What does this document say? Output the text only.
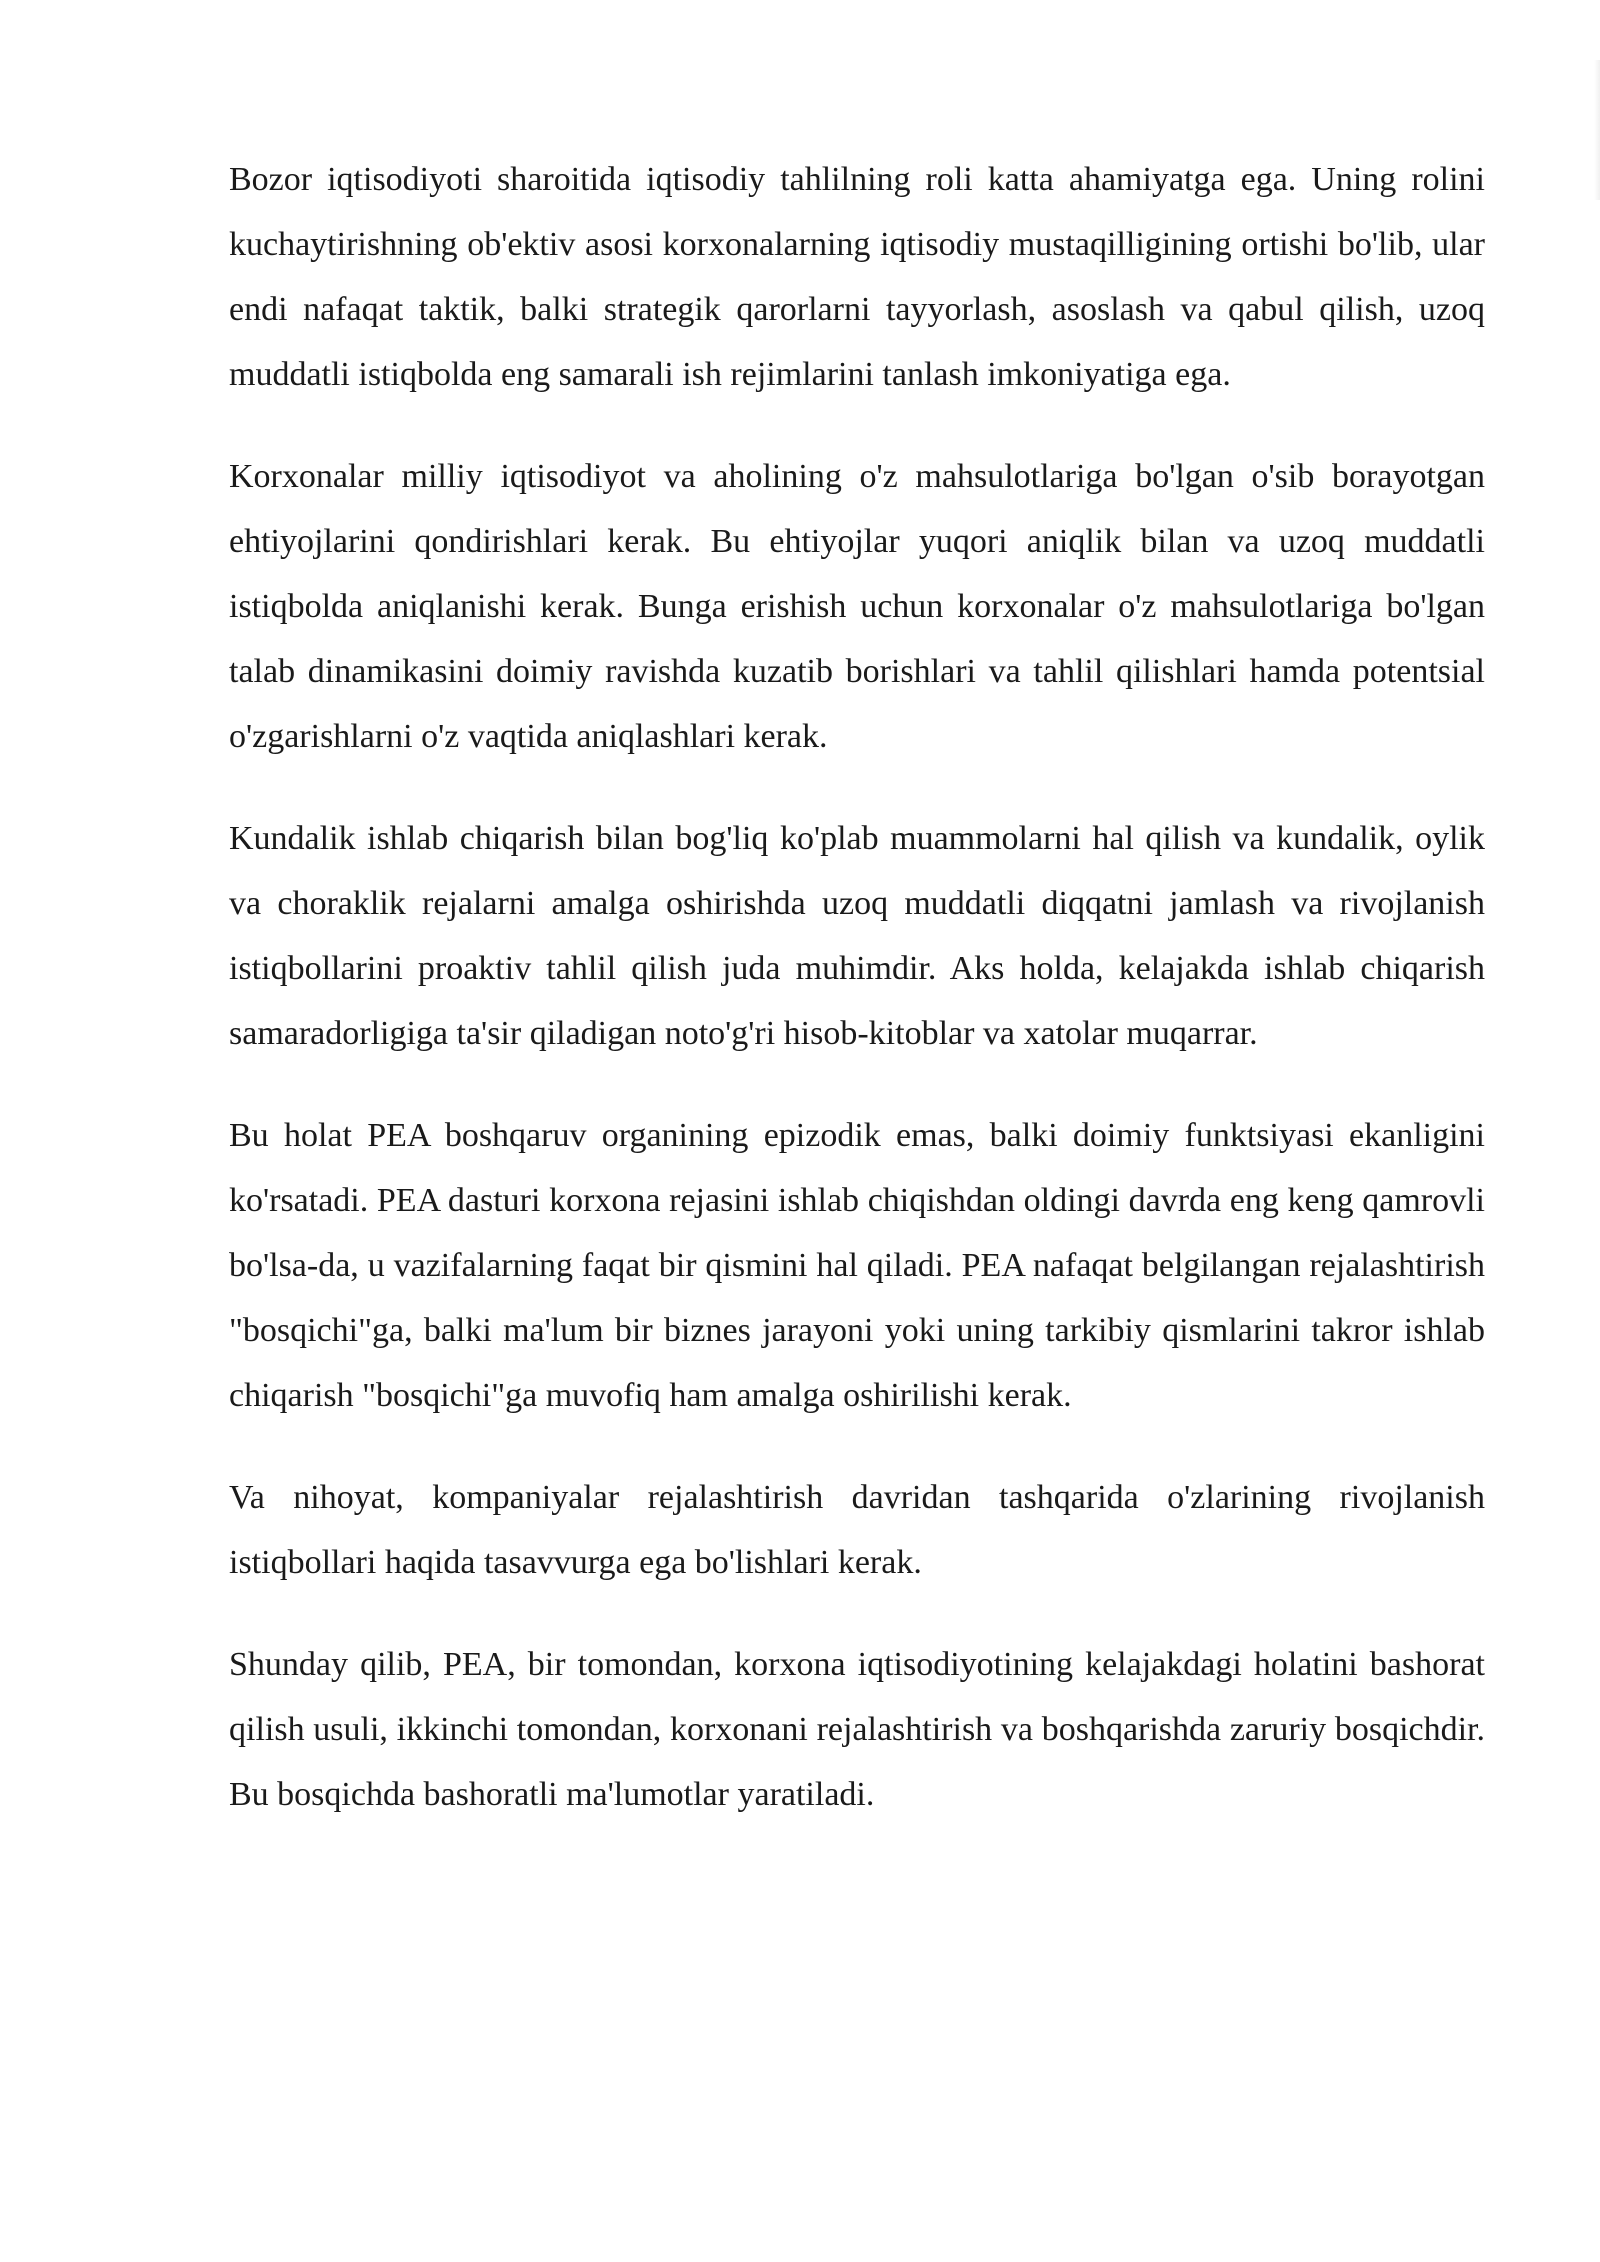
Bozor iqtisodiyoti sharoitida iqtisodiy tahlilning roli katta ahamiyatga ega. Uning rolini kuchaytirishning ob'ektiv asosi korxonalarning iqtisodiy mustaqilligining ortishi bo'lib, ular endi nafaqat taktik, balki strategik qarorlarni tayyorlash, asoslash va qabul qilish, uzoq muddatli istiqbolda eng samarali ish rejimlarini tanlash imkoniyatiga ega.

Korxonalar milliy iqtisodiyot va aholining o'z mahsulotlariga bo'lgan o'sib borayotgan ehtiyojlarini qondirishlari kerak. Bu ehtiyojlar yuqori aniqlik bilan va uzoq muddatli istiqbolda aniqlanishi kerak. Bunga erishish uchun korxonalar o'z mahsulotlariga bo'lgan talab dinamikasini doimiy ravishda kuzatib borishlari va tahlil qilishlari hamda potentsial o'zgarishlarni o'z vaqtida aniqlashlari kerak.

Kundalik ishlab chiqarish bilan bog'liq ko'plab muammolarni hal qilish va kundalik, oylik va choraklik rejalarni amalga oshirishda uzoq muddatli diqqatni jamlash va rivojlanish istiqbollarini proaktiv tahlil qilish juda muhimdir. Aks holda, kelajakda ishlab chiqarish samaradorligiga ta'sir qiladigan noto'g'ri hisob-kitoblar va xatolar muqarrar.

Bu holat PEA boshqaruv organining epizodik emas, balki doimiy funktsiyasi ekanligini ko'rsatadi. PEA dasturi korxona rejasini ishlab chiqishdan oldingi davrda eng keng qamrovli bo'lsa-da, u vazifalarning faqat bir qismini hal qiladi. PEA nafaqat belgilangan rejalashtirish "bosqichi"ga, balki ma'lum bir biznes jarayoni yoki uning tarkibiy qismlarini takror ishlab chiqarish "bosqichi"ga muvofiq ham amalga oshirilishi kerak.

Va nihoyat, kompaniyalar rejalashtirish davridan tashqarida o'zlarining rivojlanish istiqbollari haqida tasavvurga ega bo'lishlari kerak.

Shunday qilib, PEA, bir tomondan, korxona iqtisodiyotining kelajakdagi holatini bashorat qilish usuli, ikkinchi tomondan, korxonani rejalashtirish va boshqarishda zaruriy bosqichdir. Bu bosqichda bashoratli ma'lumotlar yaratiladi.
